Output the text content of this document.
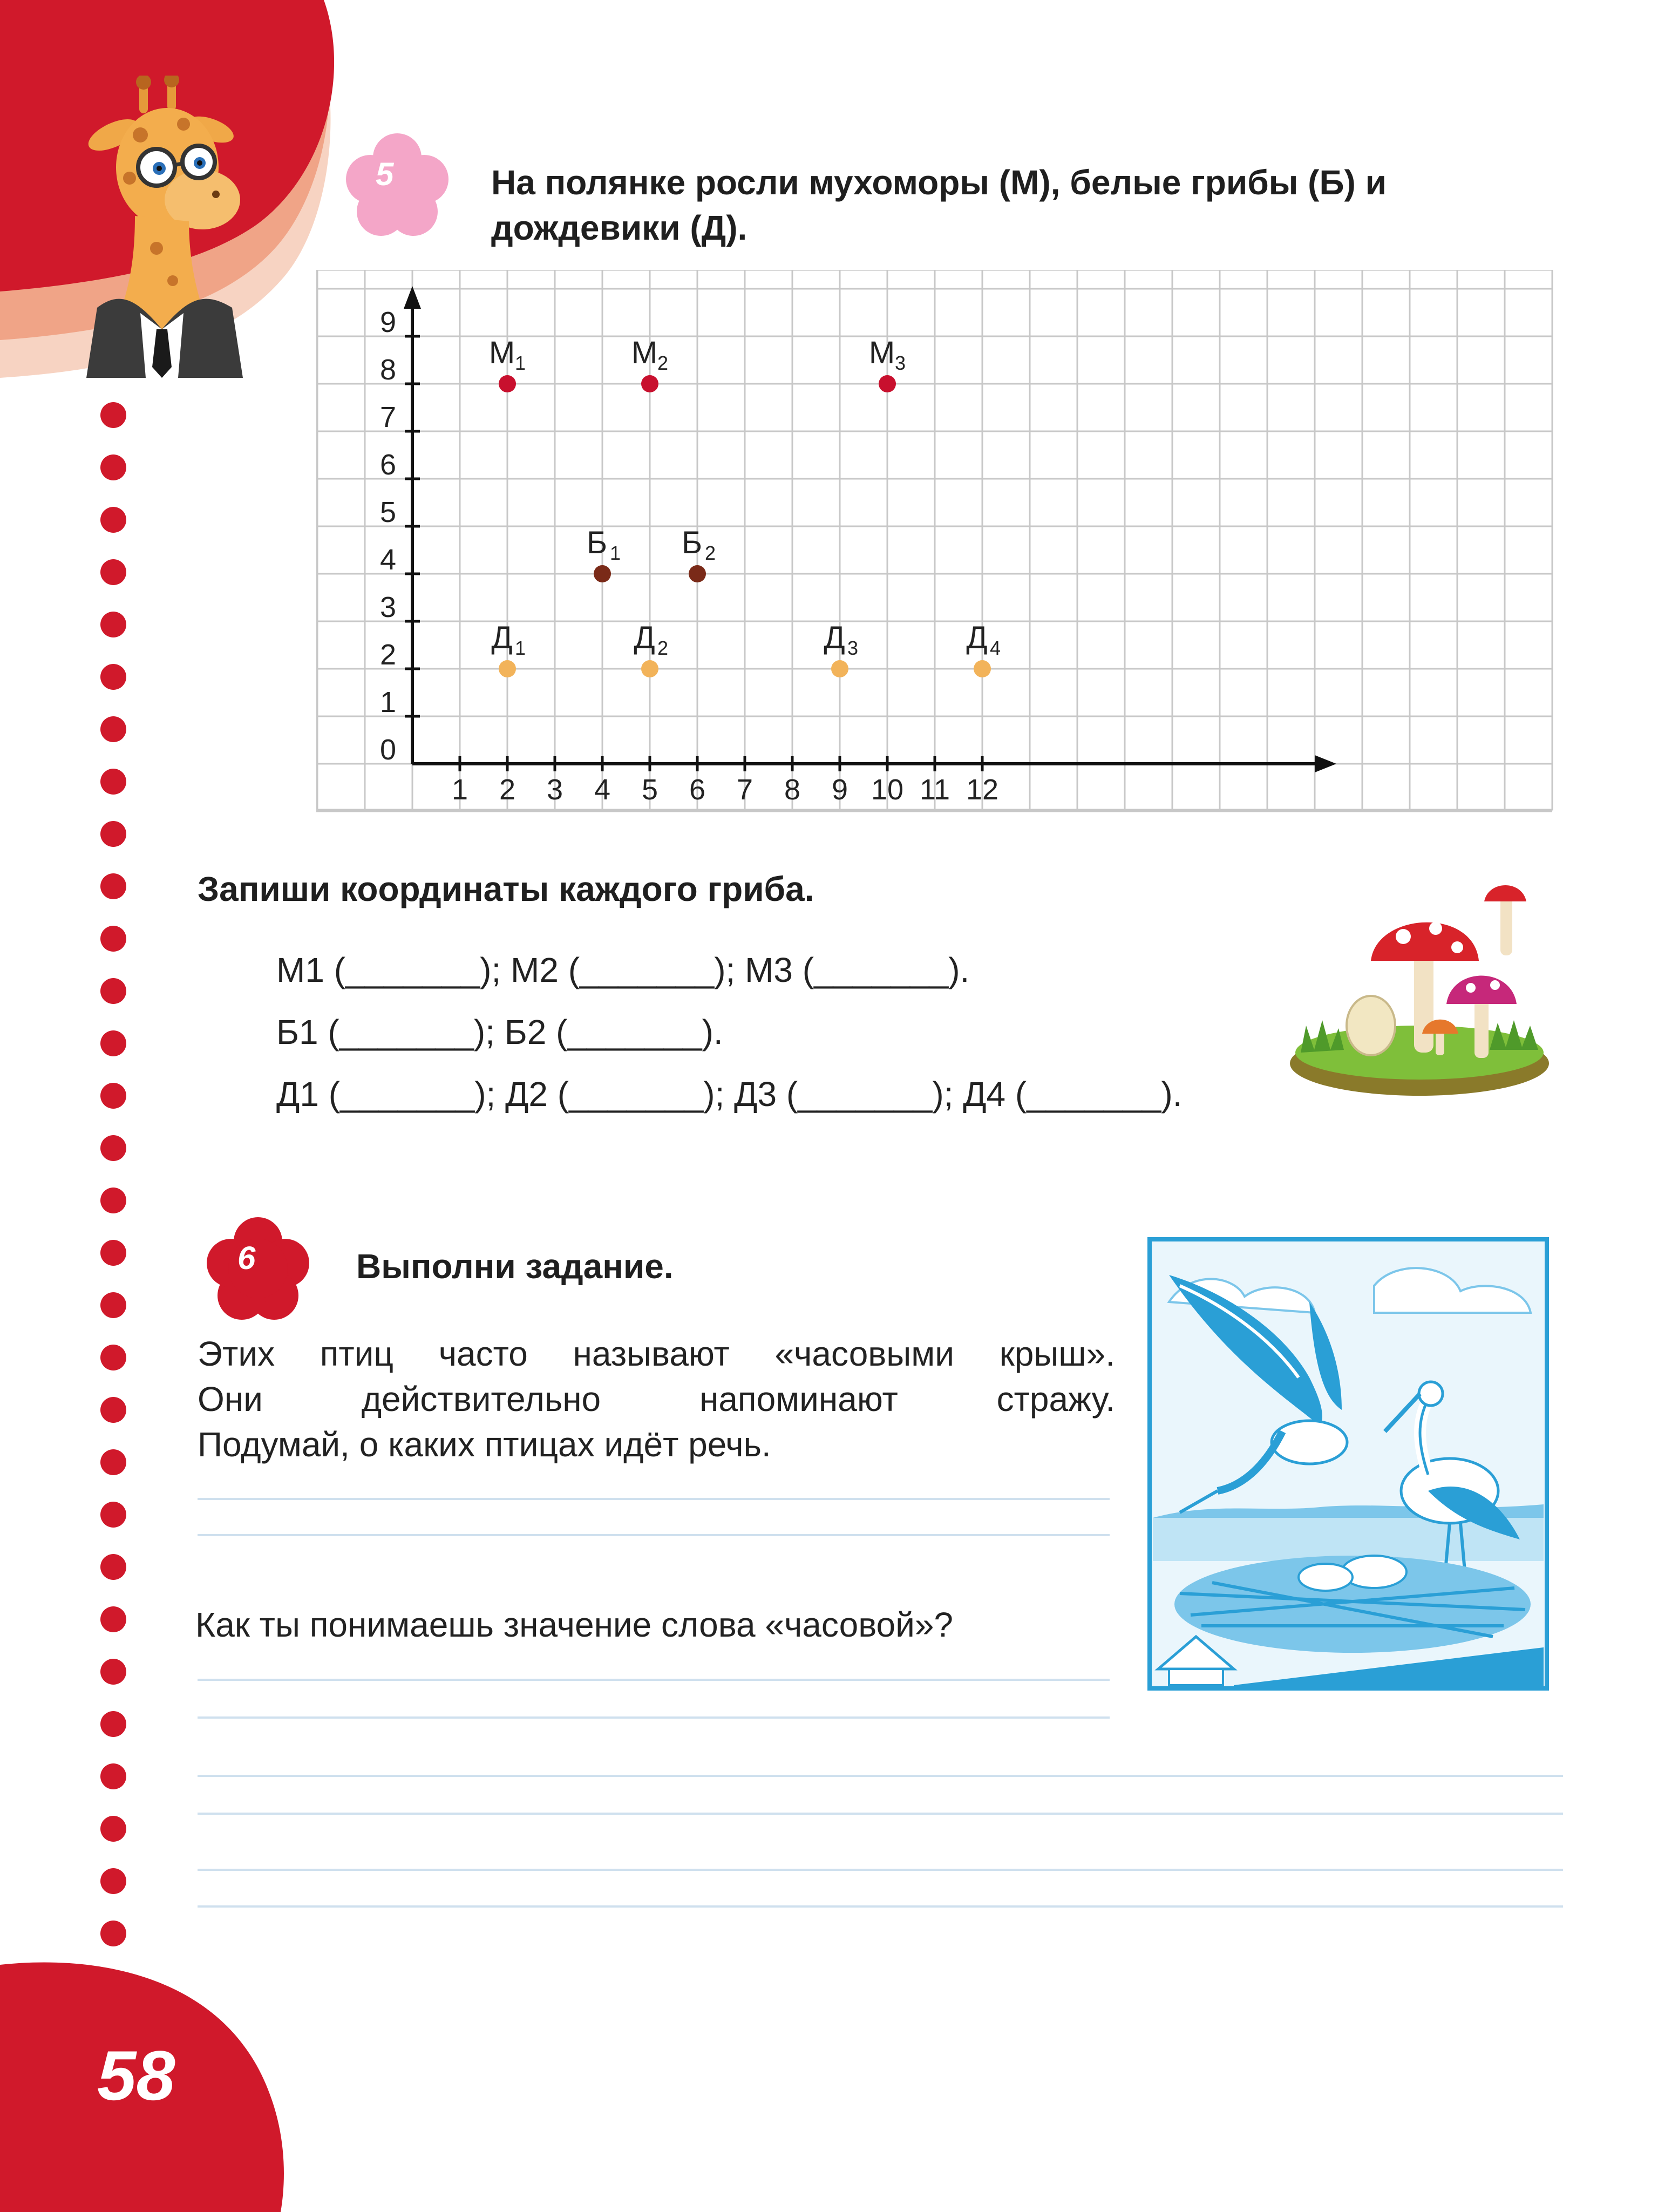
58
5	На полянке росли мухоморы (М), белые грибы (Б) и
дождевики (Д).
1 2 3 4 5 6 7 8 9 10 11 12
0
1
2
3
4
5
6
7
8
9
М 1	М 2	М 3
Б 1 Б 2
Д 1	Д 2	Д 3	Д 4
Запиши координаты каждого гриба.
М1 (_______); М2 (_______); М3 (_______).
Б1 (_______); Б2 (_______).
Д1 (_______); Д2 (_______); Д3 (_______); Д4 (_______).
6	Выполни задание.
Этих птиц часто называют «часовыми крыш».
Они действительно напоминают стражу.
Подумай, о каких птицах идёт речь.
Как ты понимаешь значение слова «часовой»?
